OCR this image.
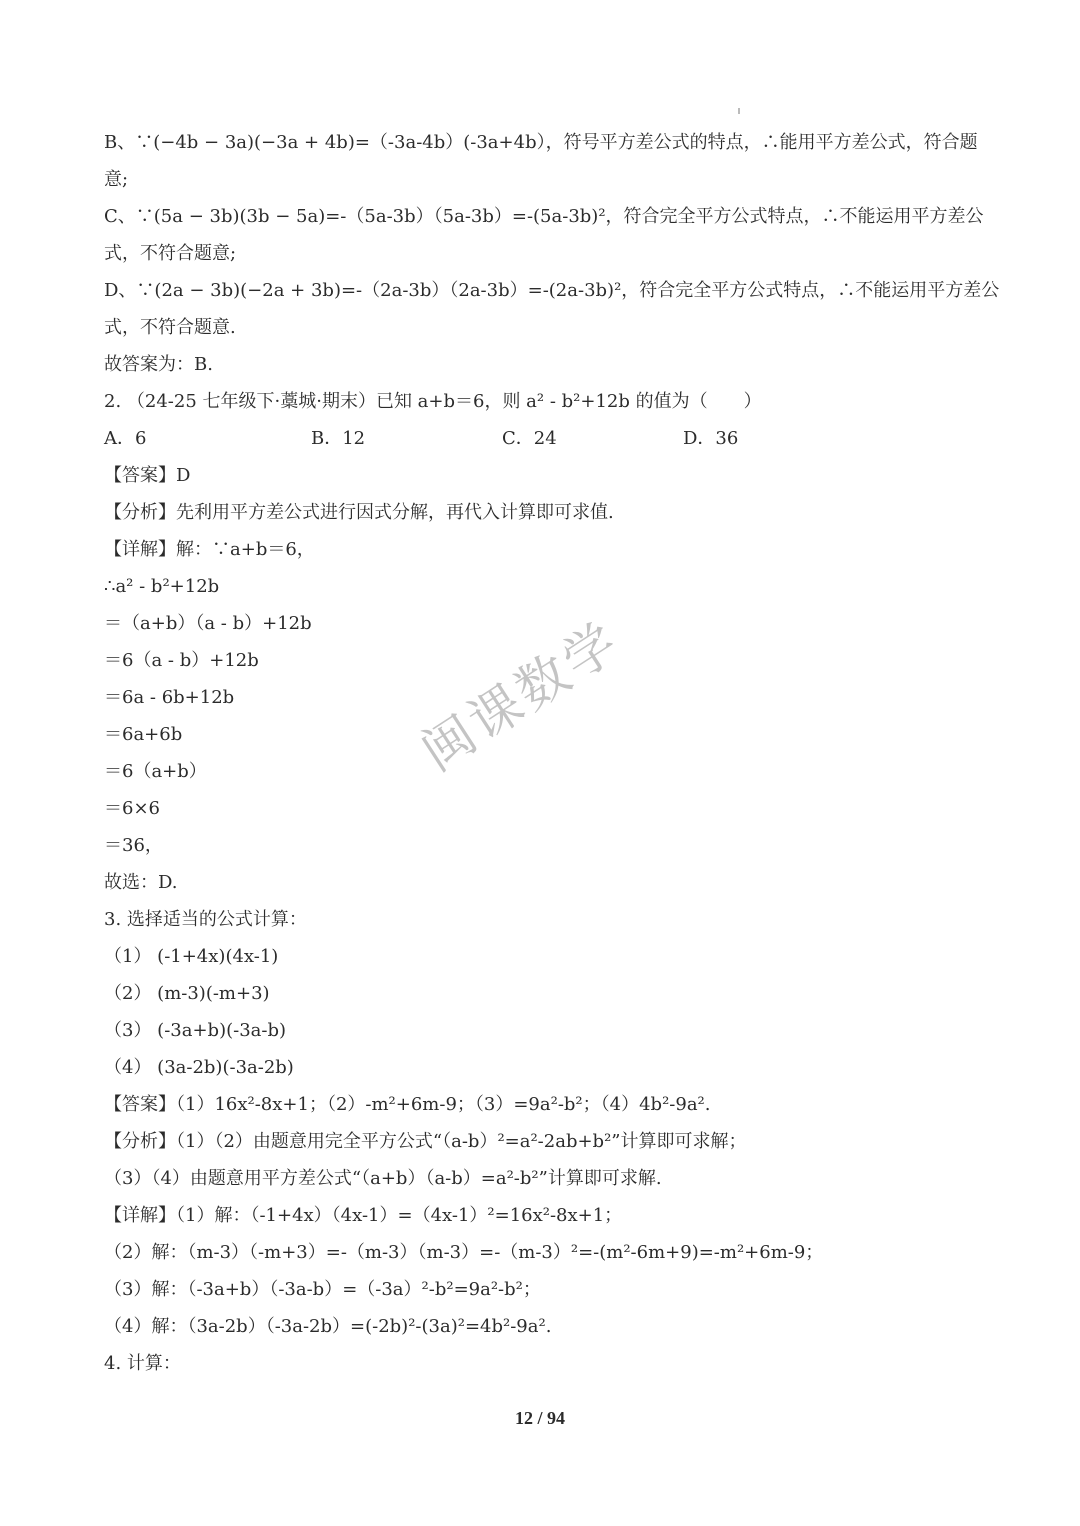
B、∵(−4b − 3a)(−3a + 4b)=（-3a-4b）(-3a+4b），符号平方差公式的特点，∴能用平方差公式，符合题
意;
C、∵(5a − 3b)(3b − 5a)=-（5a-3b）（5a-3b）=-(5a-3b)²，符合完全平方公式特点，∴不能运用平方差公
式，不符合题意;
D、∵(2a − 3b)(−2a + 3b)=-（2a-3b）（2a-3b）=-(2a-3b)²，符合完全平方公式特点，∴不能运用平方差公
式，不符合题意.
故答案为：B.
2. （24-25 七年级下·藁城·期末）已知 a+b＝6，则 a² - b²+12b 的值为（　　）
A．6	B．12	C．24	D．36
【答案】D
【分析】先利用平方差公式进行因式分解，再代入计算即可求值.
【详解】解：∵a+b＝6，
∴a² - b²+12b
＝（a+b）（a - b）+12b
＝6（a - b）+12b
＝6a - 6b+12b
＝6a+6b
＝6（a+b）
＝6×6
＝36，
故选：D.
3. 选择适当的公式计算：
（1） (-1+4x)(4x-1)
（2） (m-3)(-m+3)
（3） (-3a+b)(-3a-b)
（4） (3a-2b)(-3a-2b)
【答案】（1）16x²-8x+1；（2）-m²+6m-9；（3）=9a²-b²；（4）4b²-9a².
【分析】（1）（2）由题意用完全平方公式“（a-b）²=a²-2ab+b²”计算即可求解；
（3）（4）由题意用平方差公式“（a+b）（a-b）=a²-b²”计算即可求解.
【详解】（1）解：（-1+4x）（4x-1）=（4x-1）²=16x²-8x+1；
（2）解：（m-3）（-m+3）=-（m-3）（m-3）=-（m-3）²=-(m²-6m+9)=-m²+6m-9；
（3）解：（-3a+b）（-3a-b）=（-3a）²-b²=9a²-b²；
（4）解：（3a-2b）（-3a-2b）=(-2b)²-(3a)²=4b²-9a².
4. 计算：
闽课数学
12 / 94
